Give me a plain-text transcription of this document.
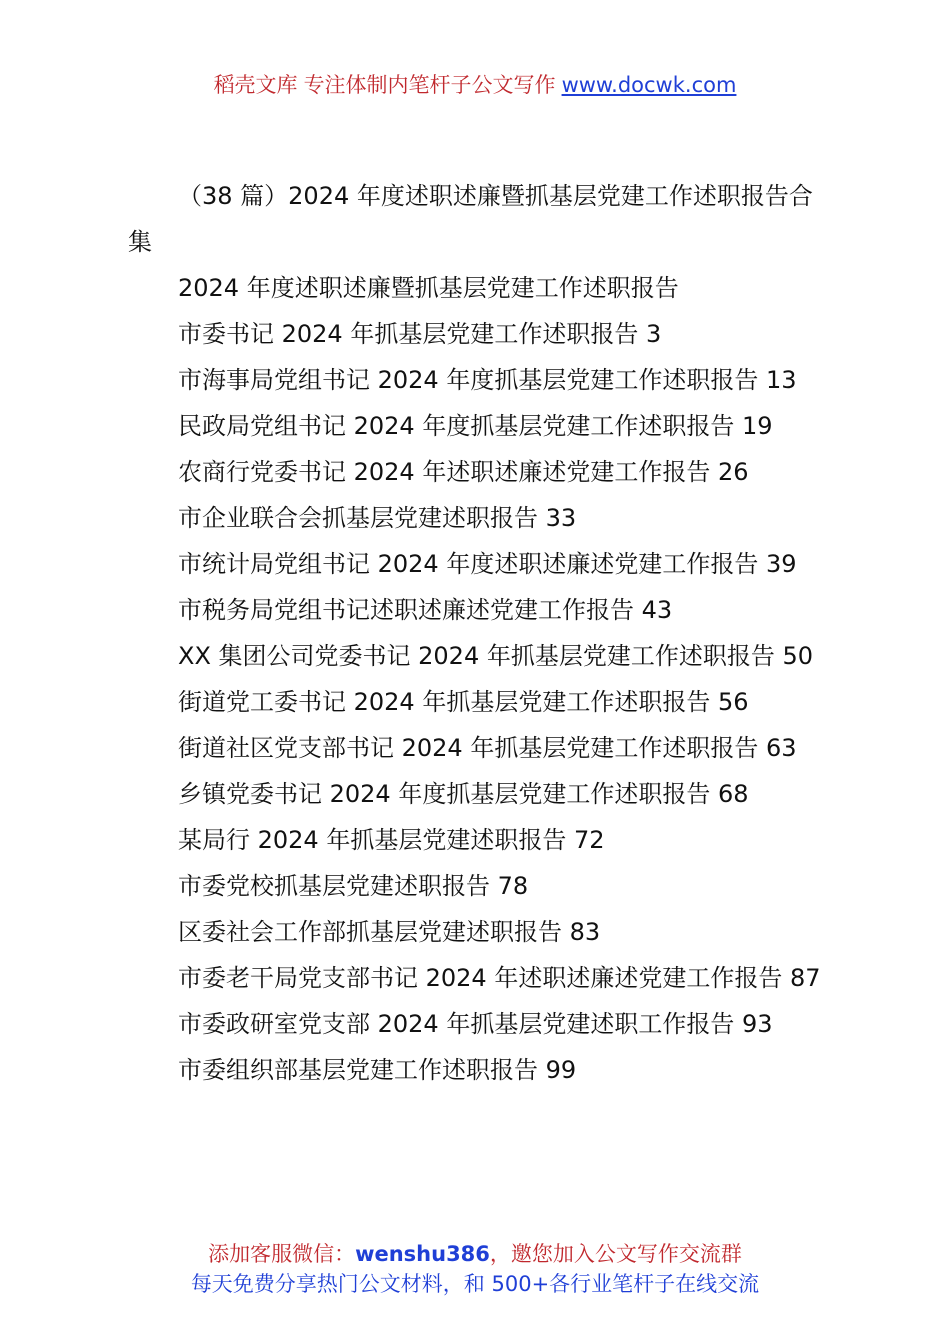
稻壳文库 专注体制内笔杆子公文写作 www.docwk.com

（38 篇）2024 年度述职述廉暨抓基层党建工作述职报告合集

2024 年度述职述廉暨抓基层党建工作述职报告

市委书记 2024 年抓基层党建工作述职报告 3

市海事局党组书记 2024 年度抓基层党建工作述职报告 13

民政局党组书记 2024 年度抓基层党建工作述职报告 19

农商行党委书记 2024 年述职述廉述党建工作报告 26

市企业联合会抓基层党建述职报告 33

市统计局党组书记 2024 年度述职述廉述党建工作报告 39

市税务局党组书记述职述廉述党建工作报告 43

XX 集团公司党委书记 2024 年抓基层党建工作述职报告 50

街道党工委书记 2024 年抓基层党建工作述职报告 56

街道社区党支部书记 2024 年抓基层党建工作述职报告 63

乡镇党委书记 2024 年度抓基层党建工作述职报告 68

某局行 2024 年抓基层党建述职报告 72

市委党校抓基层党建述职报告 78

区委社会工作部抓基层党建述职报告 83

市委老干局党支部书记 2024 年述职述廉述党建工作报告 87

市委政研室党支部 2024 年抓基层党建述职工作报告 93

市委组织部基层党建工作述职报告 99

添加客服微信：wenshu386，邀您加入公文写作交流群
每天免费分享热门公文材料，和 500+各行业笔杆子在线交流
